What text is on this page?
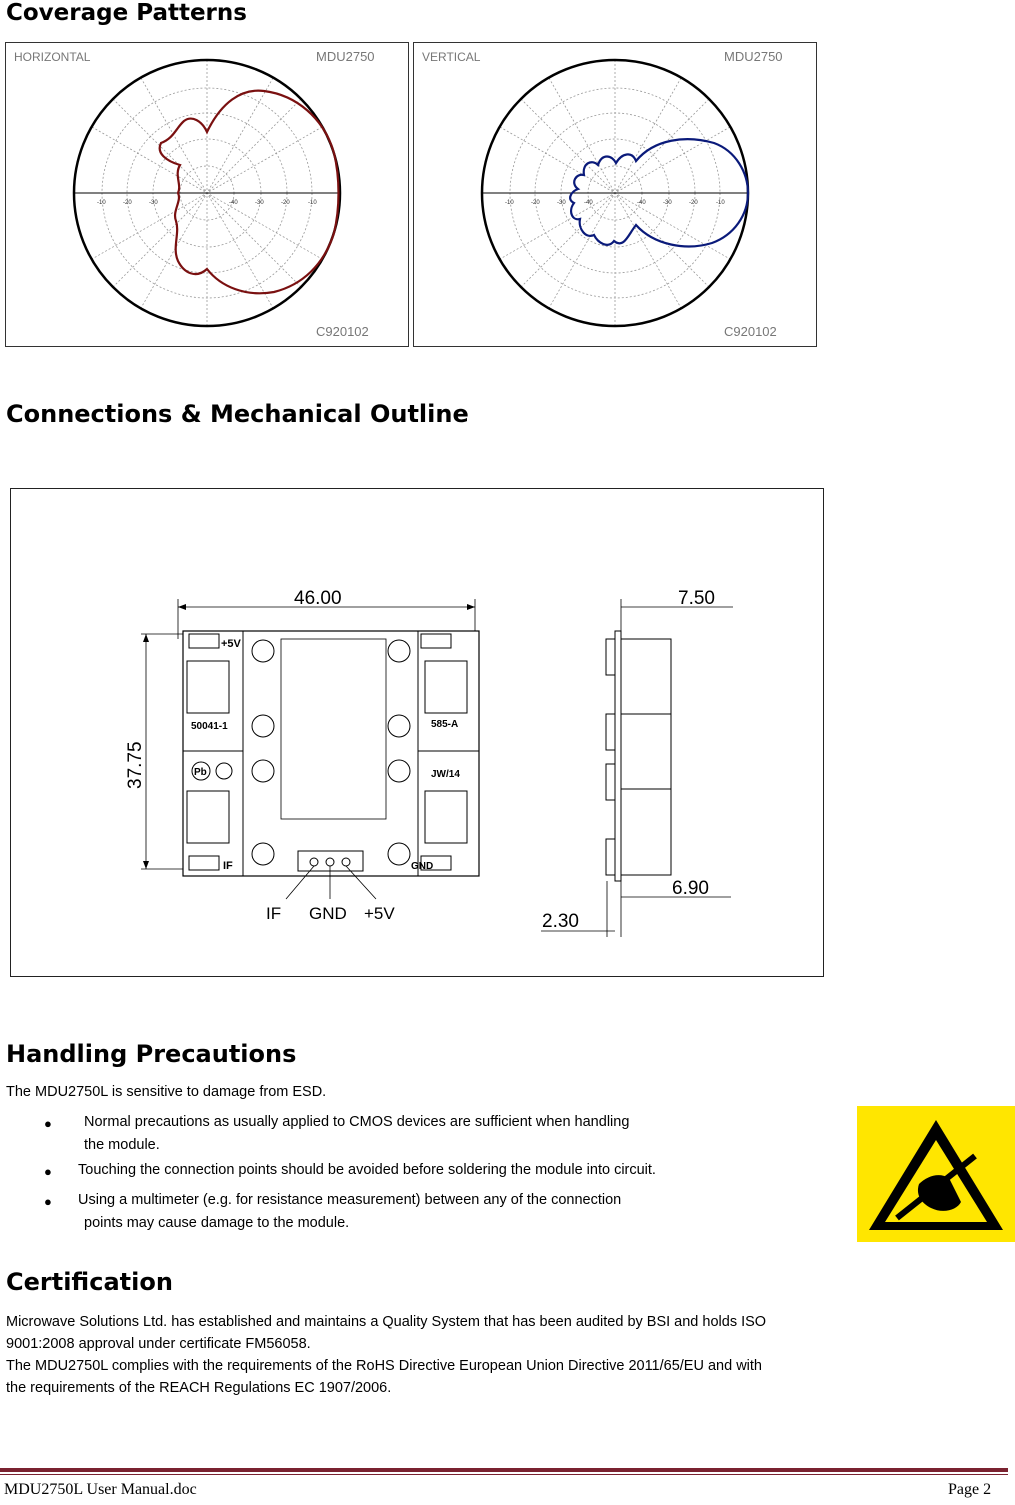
Coverage Patterns
HORIZONTAL	MDU2750
C920102
-10	-20	-30	-40	-30	-20	-10
VERTICAL	MDU2750
C920102
-10	-20	-30	-40	-40	-30	-20	-10
Connections & Mechanical Outline
46.00
37.75
+5V
IF	GND
50041-1	585-A
JW/14
Pb
IF GND +5V
7.50
6.90
2.30
Handling Precautions
The MDU2750L is sensitive to damage from ESD.
● Normal precautions as usually applied to CMOS devices are sufficient when handling
the module.
● Touching the connection points should be avoided before soldering the module into circuit.
● Using a multimeter (e.g. for resistance measurement) between any of the connection
points may cause damage to the module.
Certification
Microwave Solutions Ltd. has established and maintains a Quality System that has been audited by BSI and holds ISO
9001:2008 approval under certificate FM56058.
The MDU2750L complies with the requirements of the RoHS Directive European Union Directive 2011/65/EU and with
the requirements of the REACH Regulations EC 1907/2006.
MDU2750L User Manual.doc	Page 2
